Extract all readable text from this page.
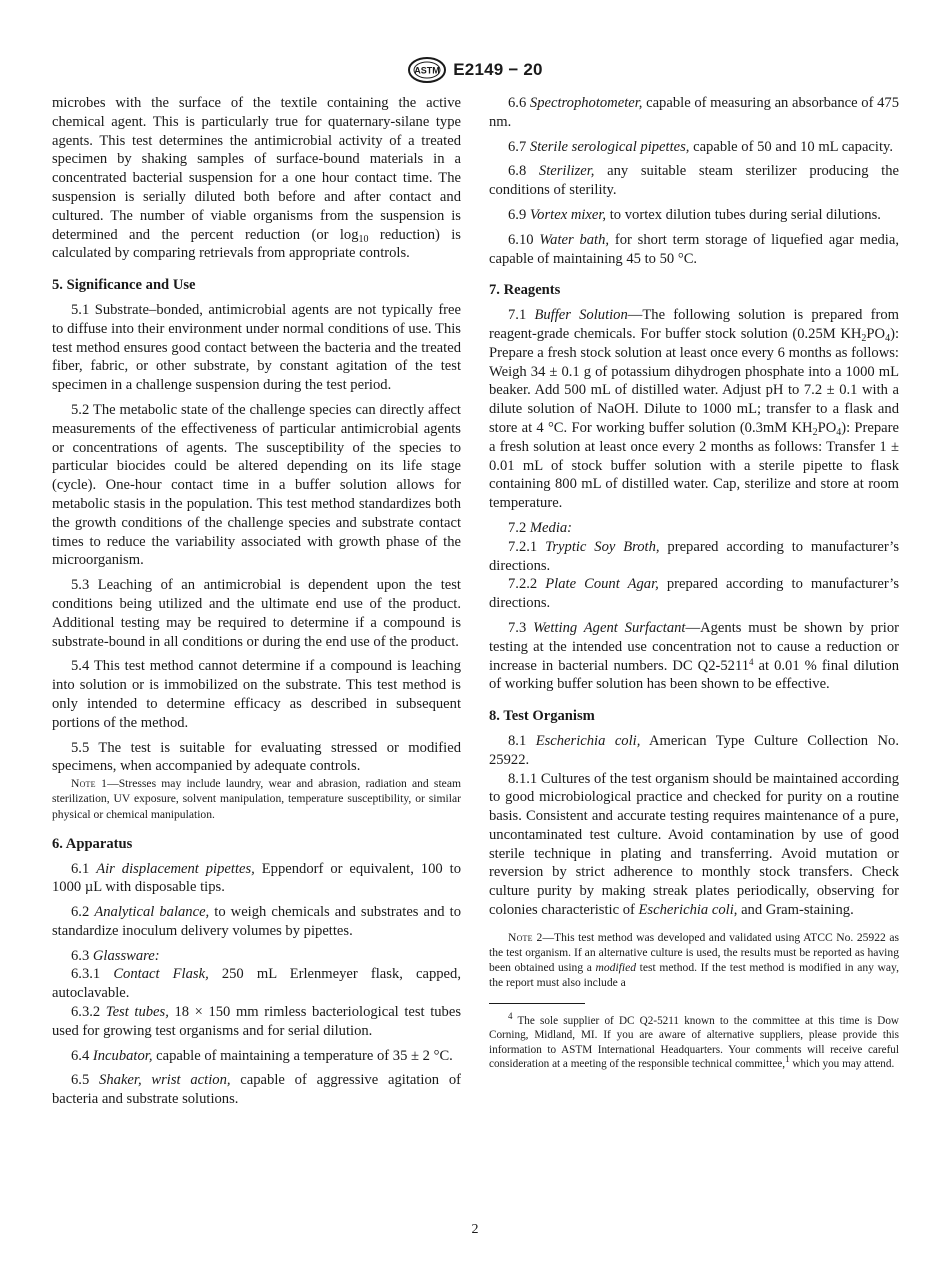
ASTM E2149 − 20

microbes with the surface of the textile containing the active chemical agent. This is particularly true for quaternary-silane type agents. This test determines the antimicrobial activity of a treated specimen by shaking samples of surface-bound materials in a concentrated bacterial suspension for a one hour contact time. The suspension is serially diluted both before and after contact and cultured. The number of viable organisms from the suspension is determined and the percent reduction (or $\log_{10}$ reduction) is calculated by comparing retrievals from appropriate controls.

5. Significance and Use

5.1 Substrate–bonded, antimicrobial agents are not typically free to diffuse into their environment under normal conditions of use. This test method ensures good contact between the bacteria and the treated fiber, fabric, or other substrate, by constant agitation of the test specimen in a challenge suspension during the test period.

5.2 The metabolic state of the challenge species can directly affect measurements of the effectiveness of particular antimicrobial agents or concentrations of agents. The susceptibility of the species to particular biocides could be altered depending on its life stage (cycle). One-hour contact time in a buffer solution allows for metabolic stasis in the population. This test method standardizes both the growth conditions of the challenge species and substrate contact times to reduce the variability associated with growth phase of the microorganism.

5.3 Leaching of an antimicrobial is dependent upon the test conditions being utilized and the ultimate end use of the product. Additional testing may be required to determine if a compound is substrate-bound in all conditions or during the end use of the product.

5.4 This test method cannot determine if a compound is leaching into solution or is immobilized on the substrate. This test method is only intended to determine efficacy as described in subsequent portions of the method.

5.5 The test is suitable for evaluating stressed or modified specimens, when accompanied by adequate controls.

Note 1—Stresses may include laundry, wear and abrasion, radiation and steam sterilization, UV exposure, solvent manipulation, temperature susceptibility, or similar physical or chemical manipulation.
6. Apparatus

6.1 Air displacement pipettes, Eppendorf or equivalent, 100 to 1000 µL with disposable tips.

6.2 Analytical balance, to weigh chemicals and substrates and to standardize inoculum delivery volumes by pipettes.

6.3 Glassware:

6.3.1 Contact Flask, 250 mL Erlenmeyer flask, capped, autoclavable.

6.3.2 Test tubes, 18 × 150 mm rimless bacteriological test tubes used for growing test organisms and for serial dilution.

6.4 Incubator, capable of maintaining a temperature of 35 ± 2 °C.

6.5 Shaker, wrist action, capable of aggressive agitation of bacteria and substrate solutions.

6.6 Spectrophotometer, capable of measuring an absorbance of 475 nm.

6.7 Sterile serological pipettes, capable of 50 and 10 mL capacity.

6.8 Sterilizer, any suitable steam sterilizer producing the conditions of sterility.

6.9 Vortex mixer, to vortex dilution tubes during serial dilutions.

6.10 Water bath, for short term storage of liquefied agar media, capable of maintaining 45 to 50 °C.

7. Reagents

7.1 Buffer Solution—The following solution is prepared from reagent-grade chemicals. For buffer stock solution (0.25M $KH_2PO_4$): Prepare a fresh stock solution at least once every 6 months as follows: Weigh 34 ± 0.1 g of potassium dihydrogen phosphate into a 1000 mL beaker. Add 500 mL of distilled water. Adjust pH to 7.2 ± 0.1 with a dilute solution of NaOH. Dilute to 1000 mL; transfer to a flask and store at 4 °C. For working buffer solution (0.3mM $KH_2PO_4$): Prepare a fresh solution at least once every 2 months as follows: Transfer 1 ± 0.01 mL of stock buffer solution with a sterile pipette to flask containing 800 mL of distilled water. Cap, sterilize and store at room temperature.

7.2 Media:

7.2.1 Tryptic Soy Broth, prepared according to manufacturer’s directions.

7.2.2 Plate Count Agar, prepared according to manufacturer’s directions.

7.3 Wetting Agent Surfactant—Agents must be shown by prior testing at the intended use concentration not to cause a reduction or increase in bacterial numbers. DC Q2-5211$^4$ at 0.01 % final dilution of working buffer solution has been shown to be effective.

8. Test Organism

8.1 Escherichia coli, American Type Culture Collection No. 25922.

8.1.1 Cultures of the test organism should be maintained according to good microbiological practice and checked for purity on a routine basis. Consistent and accurate testing requires maintenance of a pure, uncontaminated test culture. Avoid contamination by use of good sterile technique in plating and transferring. Avoid mutation or reversion by strict adherence to monthly stock transfers. Check culture purity by making streak plates periodically, observing for colonies characteristic of Escherichia coli, and Gram-staining.

Note 2—This test method was developed and validated using ATCC No. 25922 as the test organism. If an alternative culture is used, the results must be reported as having been obtained using a modified test method. If the test method is modified in any way, the report must also include a

$^4$ The sole supplier of DC Q2-5211 known to the committee at this time is Dow Corning, Midland, MI. If you are aware of alternative suppliers, please provide this information to ASTM International Headquarters. Your comments will receive careful consideration at a meeting of the responsible technical committee,$^1$ which you may attend.

2
